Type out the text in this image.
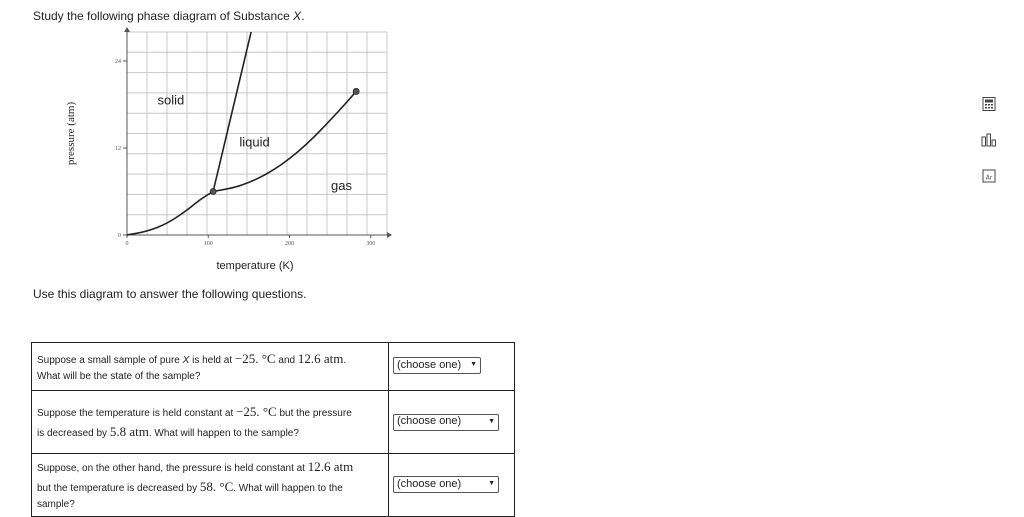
Study the following phase diagram of Substance X.
0	100	200	300
0
12
24
temperature (K)
pressure (atm)
solid
liquid
gas
Use this diagram to answer the following questions.
Suppose a small sample of pure X is held at −25. °C and 12.6 atm.
What will be the state of the sample?	(choose one) ▼

Suppose the temperature is held constant at −25. °C but the pressure
is decreased by 5.8 atm. What will happen to the sample?	(choose one) ▼

Suppose, on the other hand, the pressure is held constant at 12.6 atm
but the temperature is decreased by 58. °C. What will happen to the
sample?	(choose one) ▼
Ar
